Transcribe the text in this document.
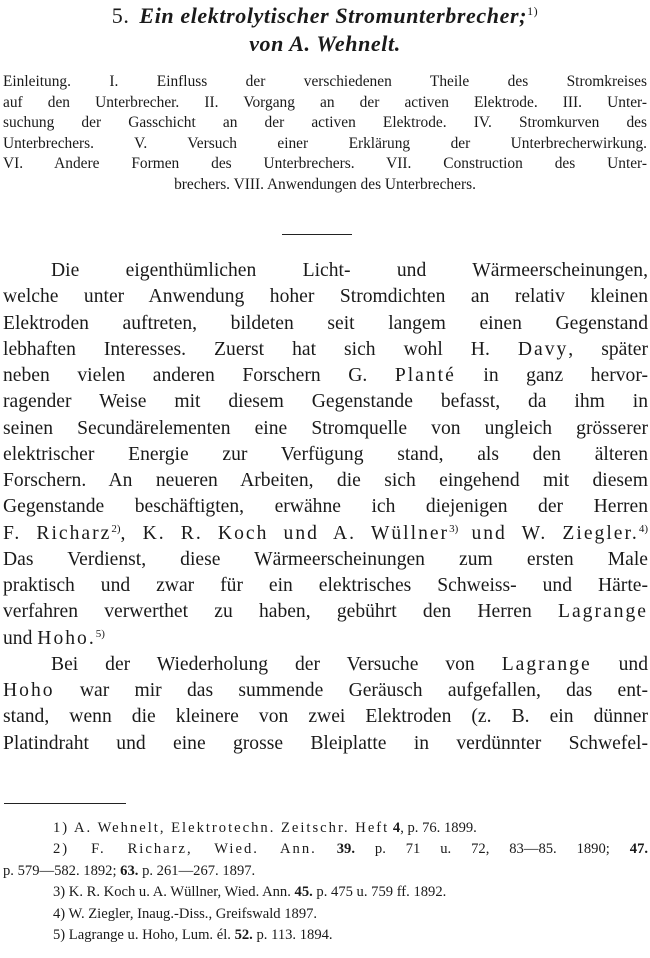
5. Ein elektrolytischer Stromunterbrecher;$^{1)}$
von A. Wehnelt.
Einleitung. I. Einfluss der verschiedenen Theile des Stromkreises
auf den Unterbrecher. II. Vorgang an der activen Elektrode. III. Unter-
suchung der Gasschicht an der activen Elektrode. IV. Stromkurven des
Unterbrechers. V. Versuch einer Erklärung der Unterbrecherwirkung.
VI. Andere Formen des Unterbrechers. VII. Construction des Unter-
brechers. VIII. Anwendungen des Unterbrechers.
Die eigenthümlichen Licht- und Wärmeerscheinungen,
welche unter Anwendung hoher Stromdichten an relativ kleinen
Elektroden auftreten, bildeten seit langem einen Gegenstand
lebhaften Interesses. Zuerst hat sich wohl H. Davy, später
neben vielen anderen Forschern G. Planté in ganz hervor-
ragender Weise mit diesem Gegenstande befasst, da ihm in
seinen Secundärelementen eine Stromquelle von ungleich grösserer
elektrischer Energie zur Verfügung stand, als den älteren
Forschern. An neueren Arbeiten, die sich eingehend mit diesem
Gegenstande beschäftigten, erwähne ich diejenigen der Herren
F. Richarz$^{2)}$, K. R. Koch und A. Wüllner$^{3)}$ und W. Ziegler.$^{4)}$
Das Verdienst, diese Wärmeerscheinungen zum ersten Male
praktisch und zwar für ein elektrisches Schweiss- und Härte-
verfahren verwerthet zu haben, gebührt den Herren Lagrange
und Hoho.$^{5)}$
Bei der Wiederholung der Versuche von Lagrange und
Hoho war mir das summende Geräusch aufgefallen, das ent-
stand, wenn die kleinere von zwei Elektroden (z. B. ein dünner
Platindraht und eine grosse Bleiplatte in verdünnter Schwefel-
1) A. Wehnelt, Elektrotechn. Zeitschr. Heft 4, p. 76. 1899.
2) F. Richarz, Wied. Ann. 39. p. 71 u. 72, 83—85. 1890; 47.
p. 579—582. 1892; 63. p. 261—267. 1897.
3) K. R. Koch u. A. Wüllner, Wied. Ann. 45. p. 475 u. 759 ff. 1892.
4) W. Ziegler, Inaug.-Diss., Greifswald 1897.
5) Lagrange u. Hoho, Lum. él. 52. p. 113. 1894.
